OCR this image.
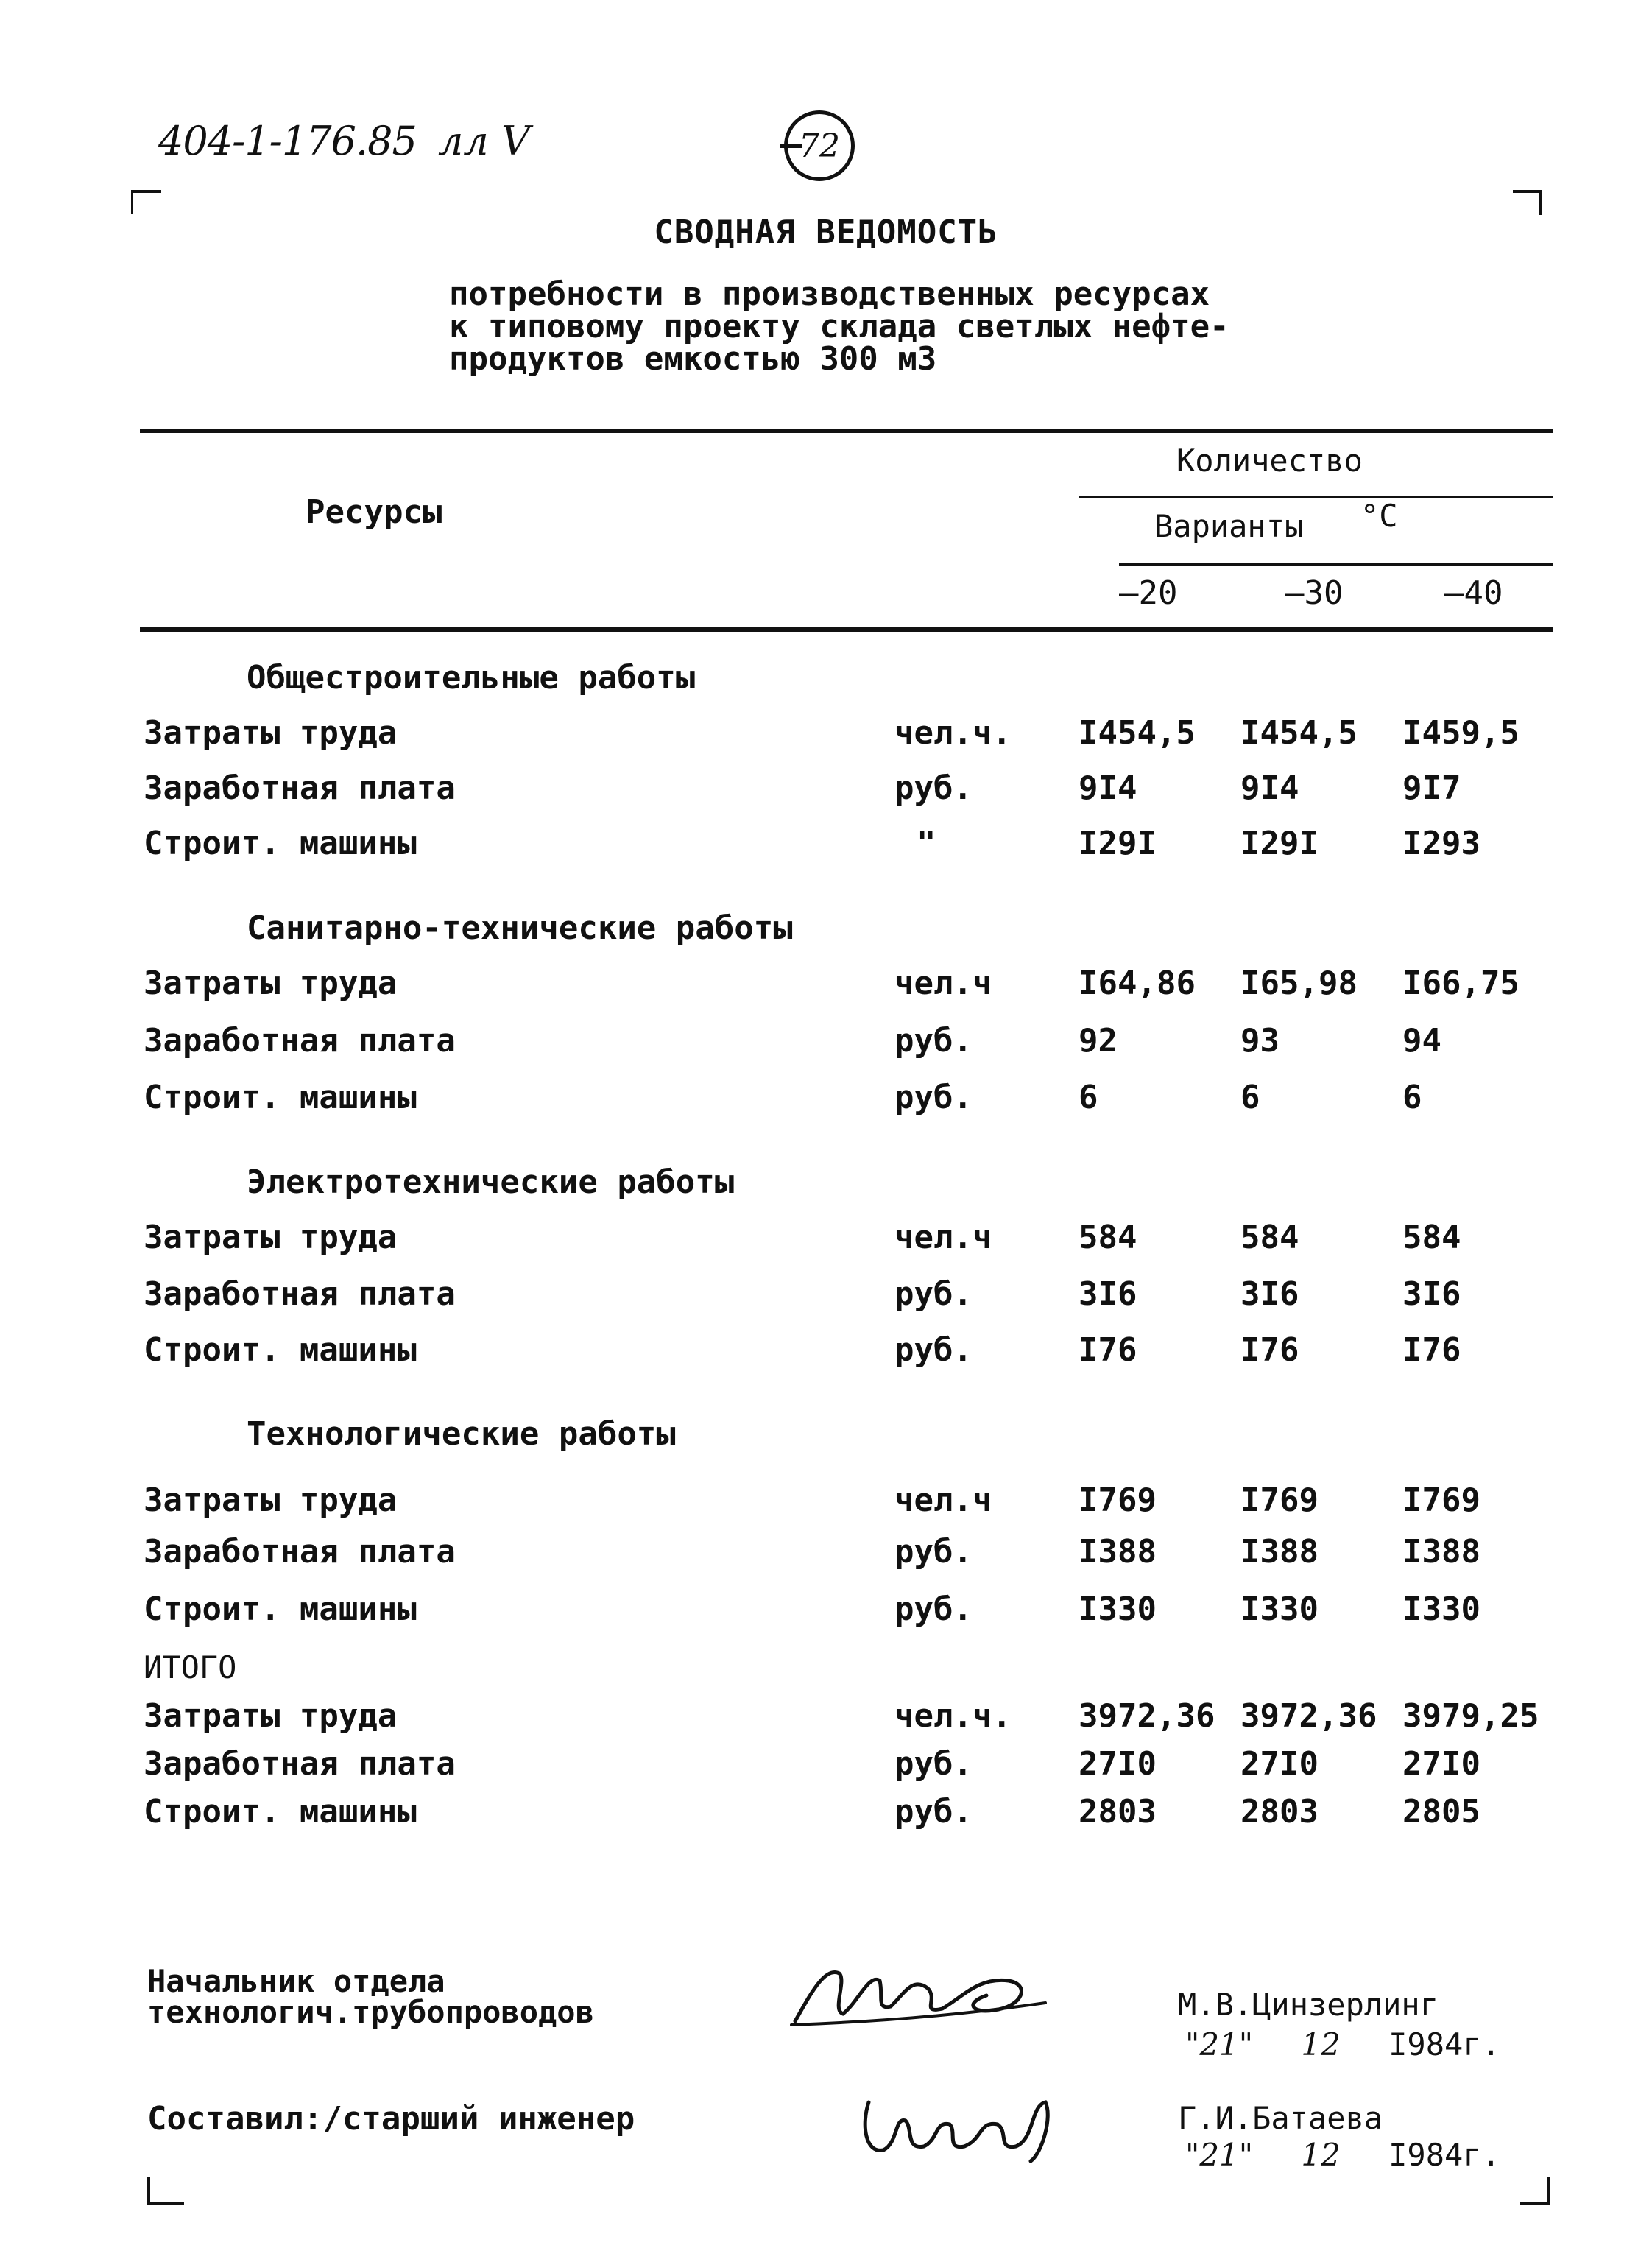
404-1-176.85 лл V	72
СВОДНАЯ ВЕДОМОСТЬ
потребности в производственных ресурсах
к типовому проекту склада светлых нефте-
продуктов емкостью 300 м3
Ресурсы
Количество
Варианты °C
–20	–30	–40
Общестроительные работы
Затраты труда	чел.ч. I454,5 I454,5 I459,5
Заработная плата	руб.	9I4	9I4	9I7
Строит. машины	"	I29I	I29I	I293
Санитарно-технические работы
Затраты труда	чел.ч	I64,86 I65,98 I66,75
Заработная плата	руб.	92	93	94
Строит. машины	руб.	6	6	6
Электротехнические работы
Затраты труда	чел.ч	584	584	584
Заработная плата	руб.	3I6	3I6	3I6
Строит. машины	руб.	I76	I76	I76
Технологические работы
Затраты труда	чел.ч	I769	I769	I769
Заработная плата	руб.	I388	I388	I388
Строит. машины	руб.	I330	I330	I330
ИТОГО
Затраты труда	чел.ч. 3972,36 3972,36 3979,25
Заработная плата	руб.	27I0	27I0	27I0
Строит. машины	руб.	2803	2803	2805
Начальник отдела
технологич.трубопроводов	М.В.Цинзерлинг
"21" 12 I984г.
Составил:/старший инженер	Г.И.Батаева
"21" 12 I984г.
